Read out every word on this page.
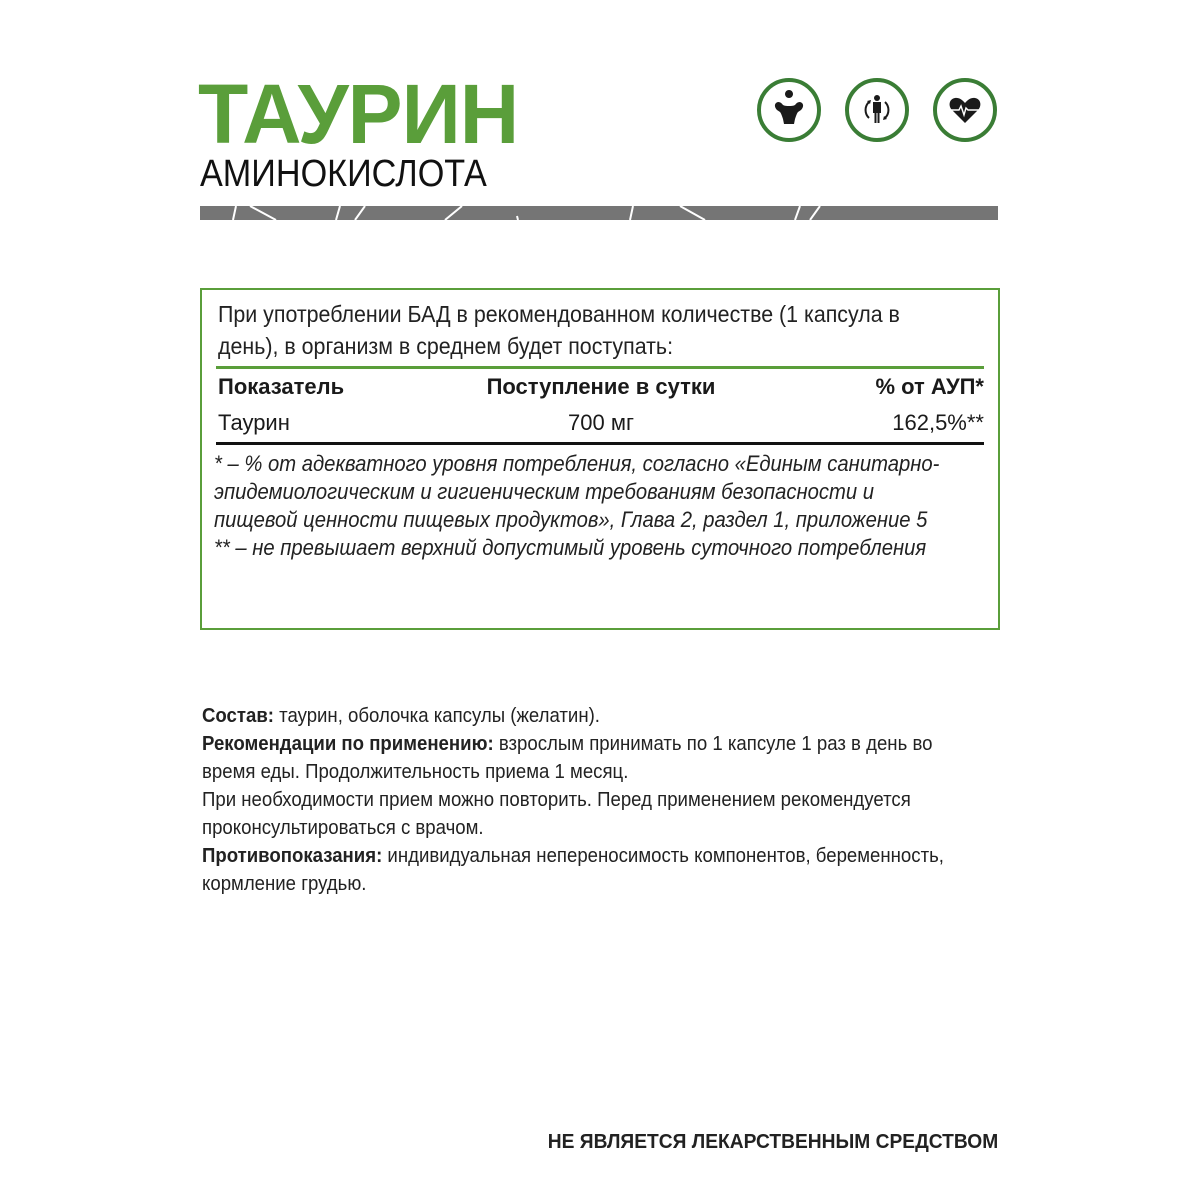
ТАУРИН
АМИНОКИСЛОТА
При употреблении БАД в рекомендованном количестве (1 капсула в день), в организм в среднем будет поступать:
Показатель	Поступление в сутки	% от АУП*
Таурин	700 мг	162,5%**

* – % от адекватного уровня потребления, согласно «Единым санитарно-эпидемиологическим и гигиеническим требованиям безопасности и пищевой ценности пищевых продуктов», Глава 2, раздел 1, приложение 5

** – не превышает верхний допустимый уровень суточного потребления

Состав: таурин, оболочка капсулы (желатин).

Рекомендации по применению: взрослым принимать по 1 капсуле 1 раз в день во время еды. Продолжительность приема 1 месяц.

При необходимости прием можно повторить. Перед применением рекомендуется проконсультироваться с врачом.

Противопоказания: индивидуальная непереносимость компонентов, беременность, кормление грудью.

НЕ ЯВЛЯЕТСЯ ЛЕКАРСТВЕННЫМ СРЕДСТВОМ
